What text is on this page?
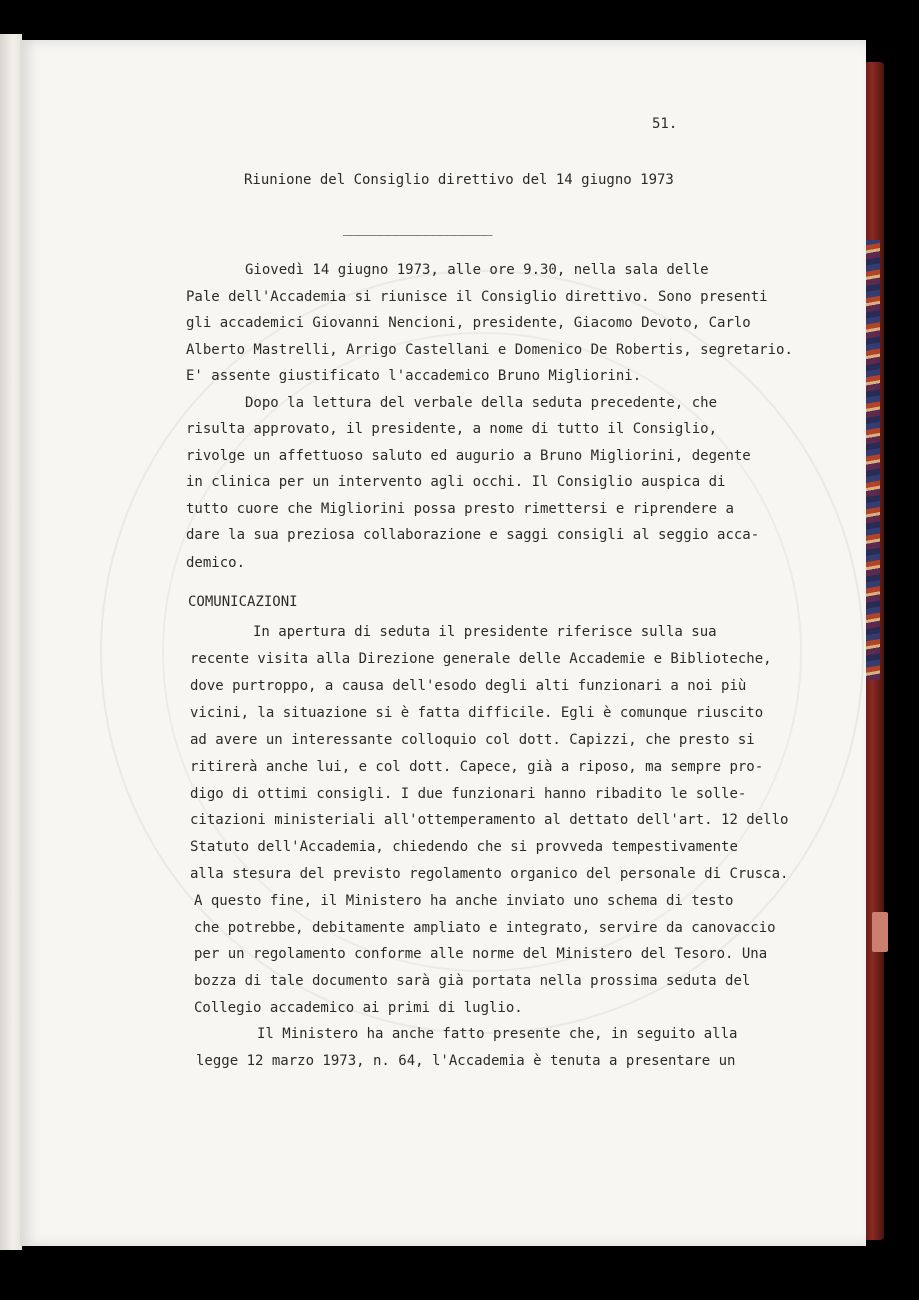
51.
Riunione del Consiglio direttivo del 14 giugno 1973
____________________
Giovedì 14 giugno 1973, alle ore 9.30, nella sala delle
Pale dell'Accademia si riunisce il Consiglio direttivo. Sono presenti
gli accademici Giovanni Nencioni, presidente, Giacomo Devoto, Carlo
Alberto Mastrelli, Arrigo Castellani e Domenico De Robertis, segretario.
E' assente giustificato l'accademico Bruno Migliorini.
Dopo la lettura del verbale della seduta precedente, che
risulta approvato, il presidente, a nome di tutto il Consiglio,
rivolge un affettuoso saluto ed augurio a Bruno Migliorini, degente
in clinica per un intervento agli occhi. Il Consiglio auspica di
tutto cuore che Migliorini possa presto rimettersi e riprendere a
dare la sua preziosa collaborazione e saggi consigli al seggio acca-
demico.
COMUNICAZIONI
In apertura di seduta il presidente riferisce sulla sua
recente visita alla Direzione generale delle Accademie e Biblioteche,
dove purtroppo, a causa dell'esodo degli alti funzionari a noi più
vicini, la situazione si è fatta difficile. Egli è comunque riuscito
ad avere un interessante colloquio col dott. Capizzi, che presto si
ritirerà anche lui, e col dott. Capece, già a riposo, ma sempre pro-
digo di ottimi consigli. I due funzionari hanno ribadito le solle-
citazioni ministeriali all'ottemperamento al dettato dell'art. 12 dello
Statuto dell'Accademia, chiedendo che si provveda tempestivamente
alla stesura del previsto regolamento organico del personale di Crusca.
A questo fine, il Ministero ha anche inviato uno schema di testo
che potrebbe, debitamente ampliato e integrato, servire da canovaccio
per un regolamento conforme alle norme del Ministero del Tesoro. Una
bozza di tale documento sarà già portata nella prossima seduta del
Collegio accademico ai primi di luglio.
Il Ministero ha anche fatto presente che, in seguito alla
legge 12 marzo 1973, n. 64, l'Accademia è tenuta a presentare un
